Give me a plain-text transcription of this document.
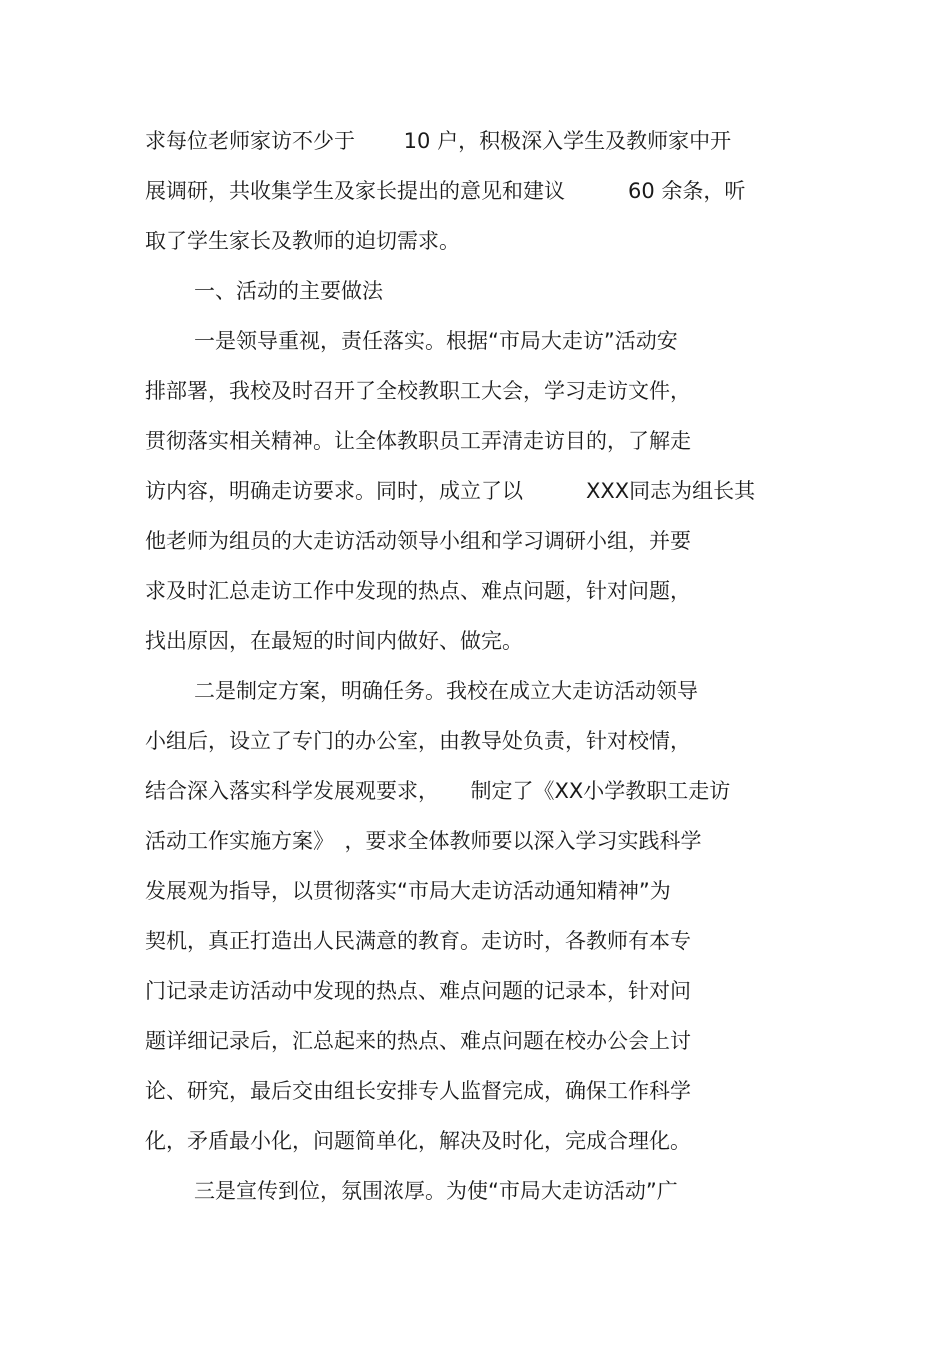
求每位老师家访不少于　　 10 户，积极深入学生及教师家中开
展调研，共收集学生及家长提出的意见和建议　　　60 余条，听
取了学生家长及教师的迫切需求。
一、活动的主要做法
一是领导重视，责任落实。根据“市局大走访”活动安
排部署，我校及时召开了全校教职工大会，学习走访文件，
贯彻落实相关精神。让全体教职员工弄清走访目的，了解走
访内容，明确走访要求。同时，成立了以　　　XXX同志为组长其
他老师为组员的大走访活动领导小组和学习调研小组，并要
求及时汇总走访工作中发现的热点、难点问题，针对问题，
找出原因，在最短的时间内做好、做完。
二是制定方案，明确任务。我校在成立大走访活动领导
小组后，设立了专门的办公室，由教导处负责，针对校情，
结合深入落实科学发展观要求，　　制定了《XX小学教职工走访
活动工作实施方案》　，要求全体教师要以深入学习实践科学
发展观为指导，以贯彻落实“市局大走访活动通知精神”为
契机，真正打造出人民满意的教育。走访时，各教师有本专
门记录走访活动中发现的热点、难点问题的记录本，针对问
题详细记录后，汇总起来的热点、难点问题在校办公会上讨
论、研究，最后交由组长安排专人监督完成，确保工作科学
化，矛盾最小化，问题简单化，解决及时化，完成合理化。
三是宣传到位，氛围浓厚。为使“市局大走访活动”广
